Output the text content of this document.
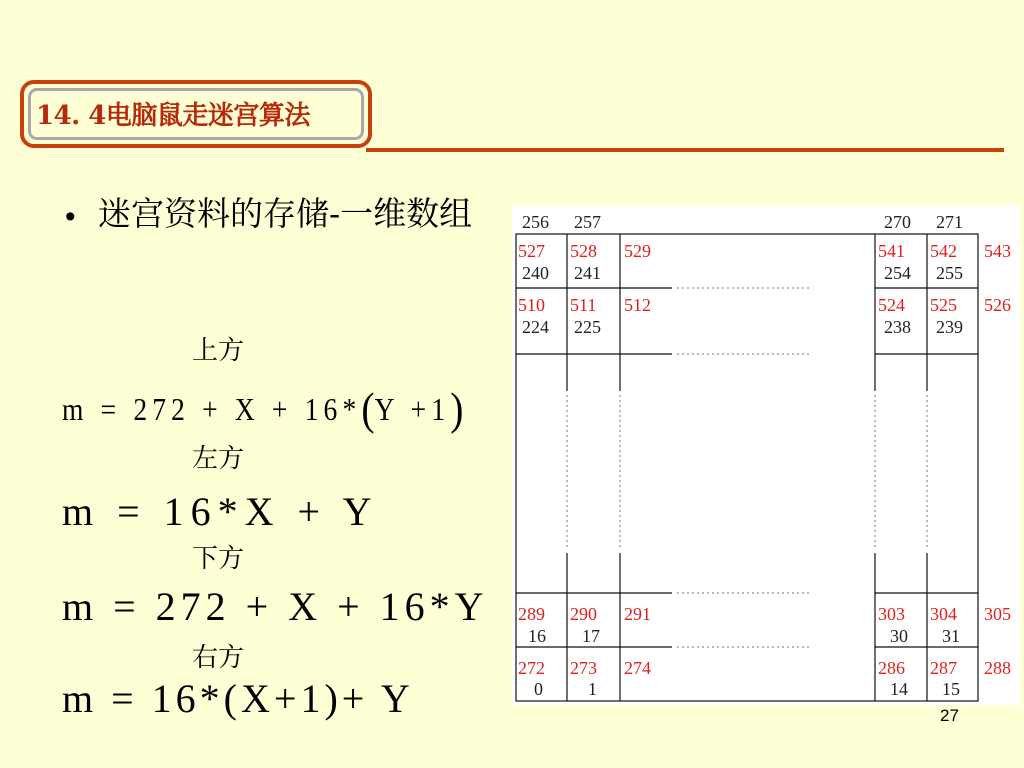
14. 4电脑鼠走迷宫算法
• 迷宫资料的存储-一维数组
上方
m = 272 + X + 16*(Y +1)
左方
m = 16*X + Y
下方
m = 272 + X + 16*Y
右方
m = 16*(X+1)+ Y
256 257	270 271
527 528 529	541 542 543
240 241	254 255
510 511 512	524 525 526
224 225	238 239
289 290 291	303 304 305
16 17	30 31
272 273 274	286 287 288
0	1	14 15
27
